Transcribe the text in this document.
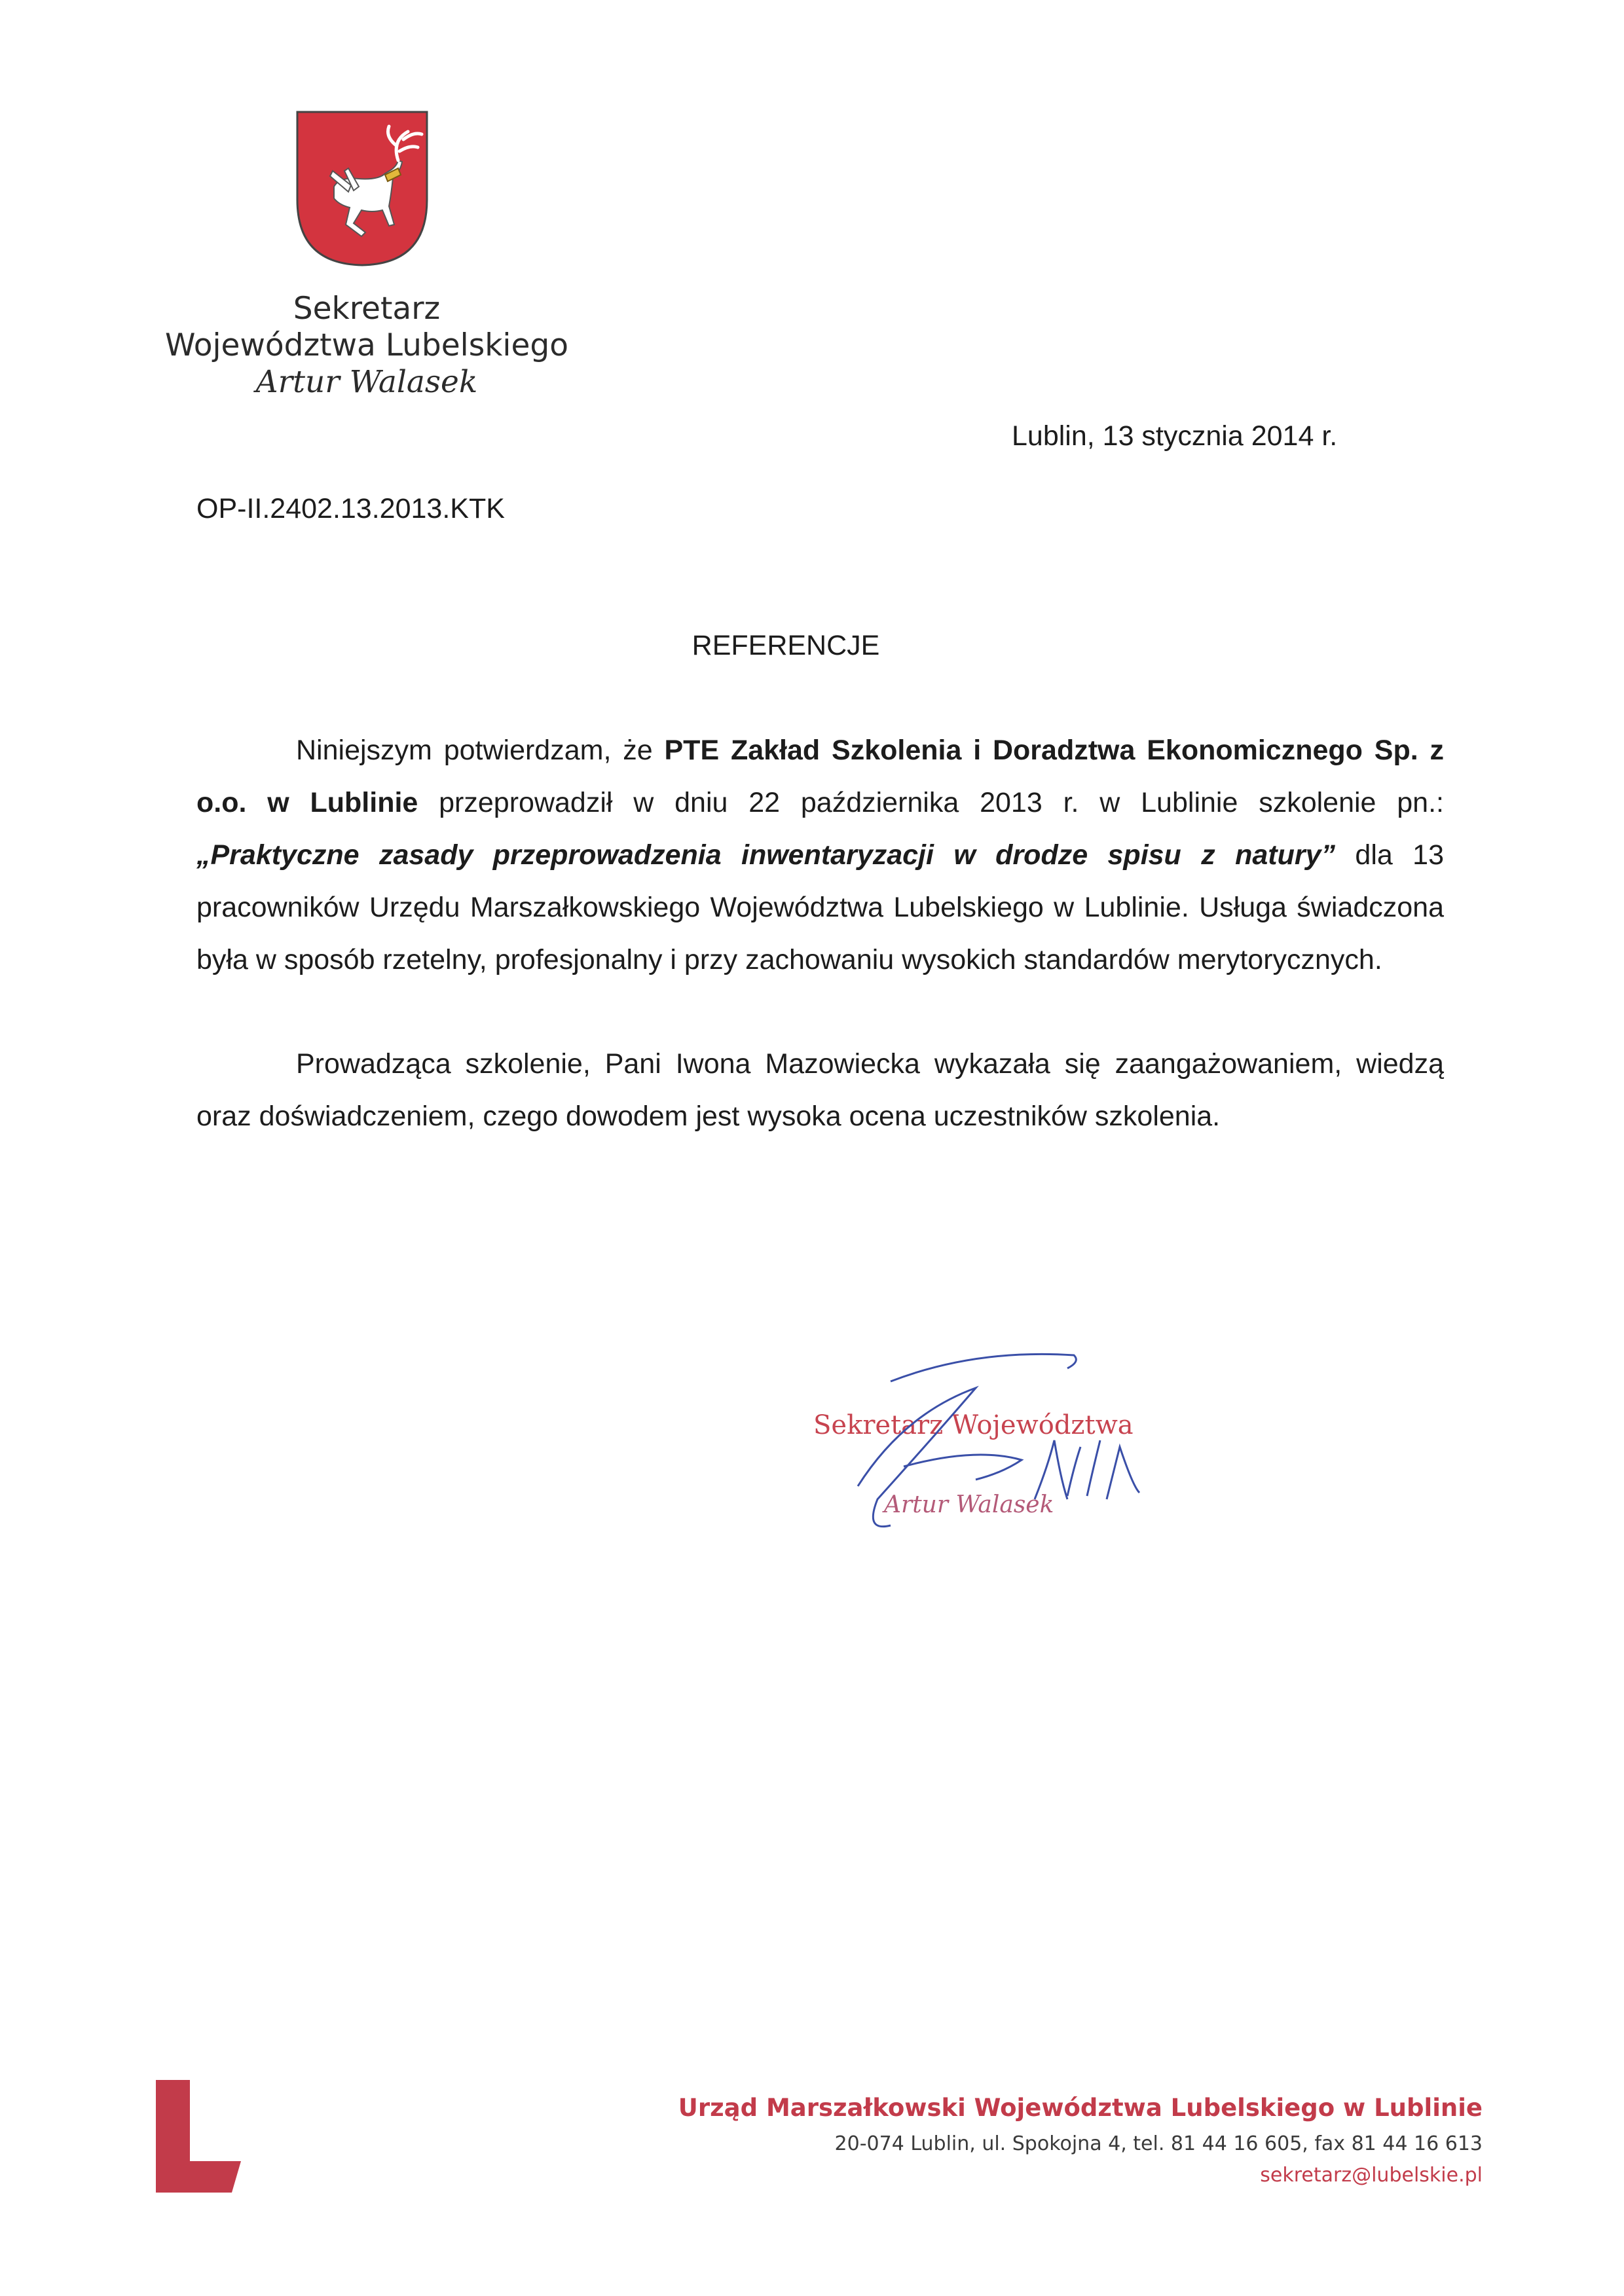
Sekretarz
Województwa Lubelskiego
Artur Walasek
Lublin, 13 stycznia 2014 r.
OP-II.2402.13.2013.KTK
REFERENCJE
Niniejszym potwierdzam, że PTE Zakład Szkolenia i Doradztwa Ekonomicznego Sp. z o.o. w Lublinie przeprowadził w dniu 22 października 2013 r. w Lublinie szkolenie pn.: „Praktyczne zasady przeprowadzenia inwentaryzacji w drodze spisu z natury” dla 13 pracowników Urzędu Marszałkowskiego Województwa Lubelskiego w Lublinie. Usługa świadczona była w sposób rzetelny, profesjonalny i przy zachowaniu wysokich standardów merytorycznych.
Prowadząca szkolenie, Pani Iwona Mazowiecka wykazała się zaangażowaniem, wiedzą oraz doświadczeniem, czego dowodem jest wysoka ocena uczestników szkolenia.
Sekretarz Województwa
Artur Walasek
Urząd Marszałkowski Województwa Lubelskiego w Lublinie
20-074 Lublin, ul. Spokojna 4, tel. 81 44 16 605, fax 81 44 16 613
sekretarz@lubelskie.pl
